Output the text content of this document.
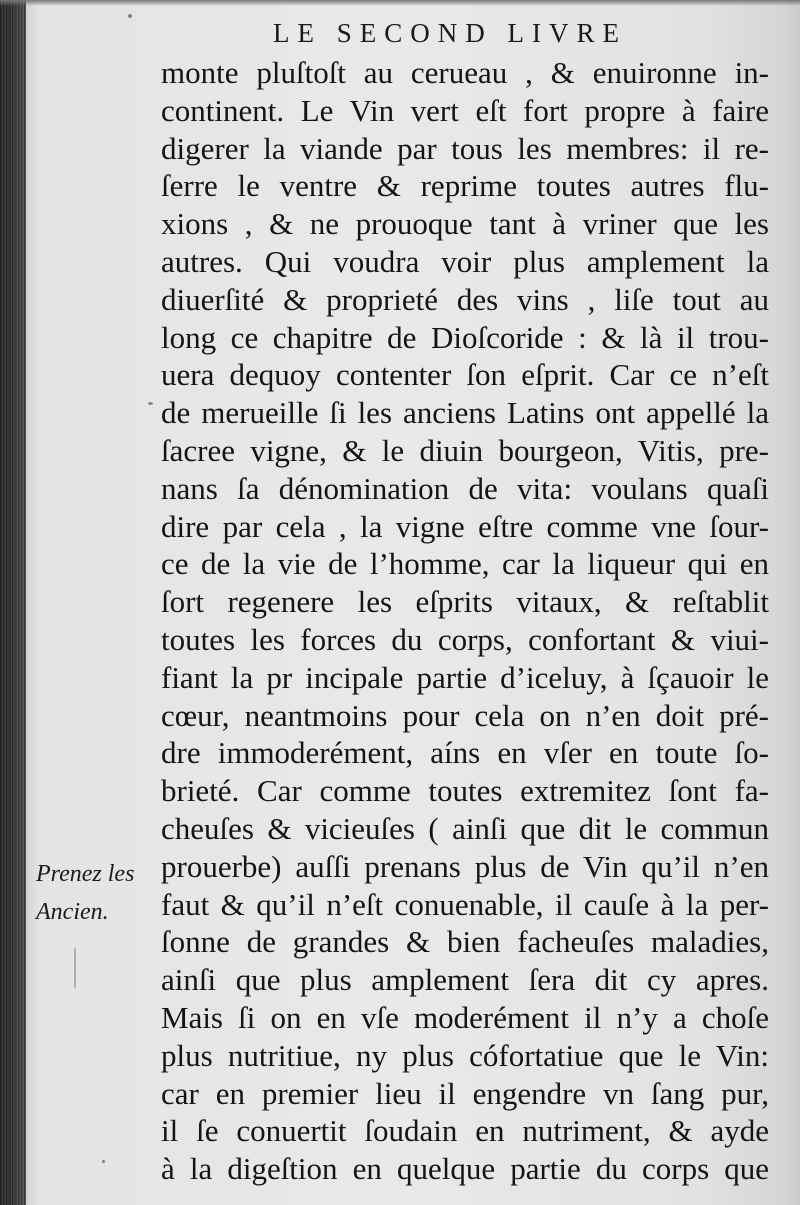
LE SECOND LIVRE
monte pluſtoſt au cerueau , & enuironne in-
continent. Le Vin vert eſt fort propre à faire
digerer la viande par tous les membres: il re-
ſerre le ventre & reprime toutes autres flu-
xions , & ne prouoque tant à vriner que les
autres. Qui voudra voir plus amplement la
diuerſité & proprieté des vins , liſe tout au
long ce chapitre de Dioſcoride : & là il trou-
uera dequoy contenter ſon eſprit. Car ce n’eſt
de merueille ſi les anciens Latins ont appellé la
ſacree vigne, & le diuin bourgeon, Vitis, pre-
nans ſa dénomination de vita: voulans quaſi
dire par cela , la vigne eſtre comme vne ſour-
ce de la vie de l’homme, car la liqueur qui en
ſort regenere les eſprits vitaux, & reſtablit
toutes les forces du corps, confortant & viui-
fiant la pr incipale partie d’iceluy, à ſçauoir le
cœur, neantmoins pour cela on n’en doit pré-
dre immoderément, aíns en vſer en toute ſo-
brieté. Car comme toutes extremitez ſont fa-
cheuſes & vicieuſes ( ainſi que dit le commun
prouerbe) auſſi prenans plus de Vin qu’il n’en
faut & qu’il n’eſt conuenable, il cauſe à la per-
ſonne de grandes & bien facheuſes maladies,
ainſi que plus amplement ſera dit cy apres.
Mais ſi on en vſe moderément il n’y a choſe
plus nutritiue, ny plus cófortatiue que le Vin:
car en premier lieu il engendre vn ſang pur,
il ſe conuertit ſoudain en nutriment, & ayde
à la digeſtion en quelque partie du corps que
Prenez les
Ancien.
